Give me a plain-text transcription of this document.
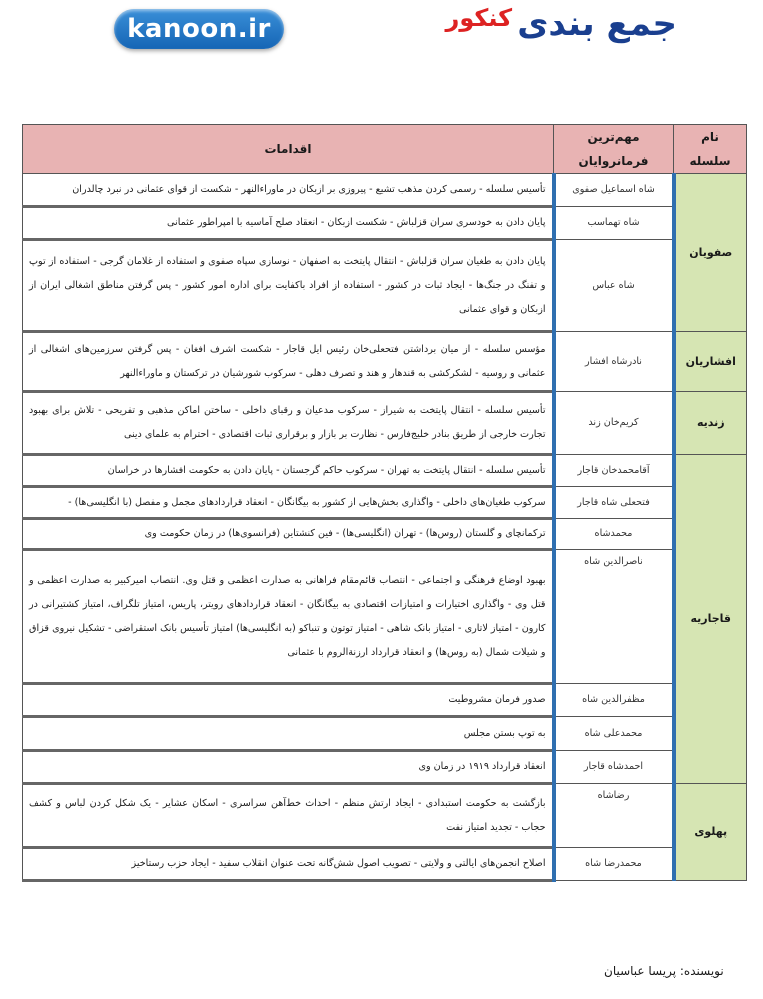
kanoon.ir	جمع بندی کنکور
نام سلسله	مهم‌ترین فرمانروایان	اقدامات
صفویان	شاه اسماعیل صفوی	تأسیس سلسله - رسمی کردن مذهب تشیع - پیروزی بر ازبکان در ماوراءالنهر - شکست از قوای عثمانی در نبرد چالدران
	شاه تهماسب	پایان دادن به خودسری سران قزلباش - شکست ازبکان - انعقاد صلح آماسیه با امپراطور عثمانی
	شاه عباس	پایان دادن به طغیان سران قزلباش - انتقال پایتخت به اصفهان - نوسازی سپاه صفوی و استفاده از غلامان گرجی - استفاده از توپ و تفنگ در جنگ‌ها - ایجاد ثبات در کشور - استفاده از افراد باکفایت برای اداره امور کشور - پس گرفتن مناطق اشغالی ایران از ازبکان و قوای عثمانی
افشاریان	نادرشاه افشار	مؤسس سلسله - از میان برداشتن فتحعلی‌خان رئیس ایل قاجار - شکست اشرف افغان - پس گرفتن سرزمین‌های اشغالی از عثمانی و روسیه - لشکرکشی به قندهار و هند و تصرف دهلی - سرکوب شورشیان در ترکستان و ماوراءالنهر
زندیه	کریم‌خان زند	تأسیس سلسله - انتقال پایتخت به شیراز - سرکوب مدعیان و رقبای داخلی - ساختن اماکن مذهبی و تفریحی - تلاش برای بهبود تجارت خارجی از طریق بنادر خلیج‌فارس - نظارت بر بازار و برقراری ثبات اقتصادی - احترام به علمای دینی
قاجاریه	آقامحمدخان قاجار	تأسیس سلسله - انتقال پایتخت به تهران - سرکوب حاکم گرجستان - پایان دادن به حکومت افشارها در خراسان
	فتحعلی شاه قاجار	سرکوب طغیان‌های داخلی - واگذاری بخش‌هایی از کشور به بیگانگان - انعقاد قراردادهای مجمل و مفصل (با انگلیسی‌ها) -
	محمدشاه	ترکمانچای و گلستان (روس‌ها) - تهران (انگلیسی‌ها) - فین کنشتاین (فرانسوی‌ها) در زمان حکومت وی
	ناصرالدین شاه	بهبود اوضاع فرهنگی و اجتماعی - انتصاب قائم‌مقام فراهانی به صدارت اعظمی و قتل وی. انتصاب امیرکبیر به صدارت اعظمی و قتل وی - واگذاری اختیارات و امتیازات اقتصادی به بیگانگان - انعقاد قراردادهای رویتر، پاریس، امتیاز تلگراف، امتیاز کشتیرانی در کارون - امتیاز لاتاری - امتیاز بانک شاهی - امتیاز توتون و تنباکو (به انگلیسی‌ها) امتیاز تأسیس بانک استقراضی - تشکیل نیروی قزاق و شیلات شمال (به روس‌ها) و انعقاد قرارداد ارزنة‌الروم با عثمانی
	مظفرالدین شاه	صدور فرمان مشروطیت
	محمدعلی شاه	به توپ بستن مجلس
	احمدشاه قاجار	انعقاد قرارداد ۱۹۱۹ در زمان وی
پهلوی	رضاشاه	بازگشت به حکومت استبدادی - ایجاد ارتش منظم - احداث خط‌آهن سراسری - اسکان عشایر - یک شکل کردن لباس و کشف حجاب - تجدید امتیاز نفت
	محمدرضا شاه	اصلاح انجمن‌های ایالتی و ولایتی - تصویب اصول شش‌گانه تحت عنوان انقلاب سفید - ایجاد حزب رستاخیز
نویسنده: پریسا عباسیان
